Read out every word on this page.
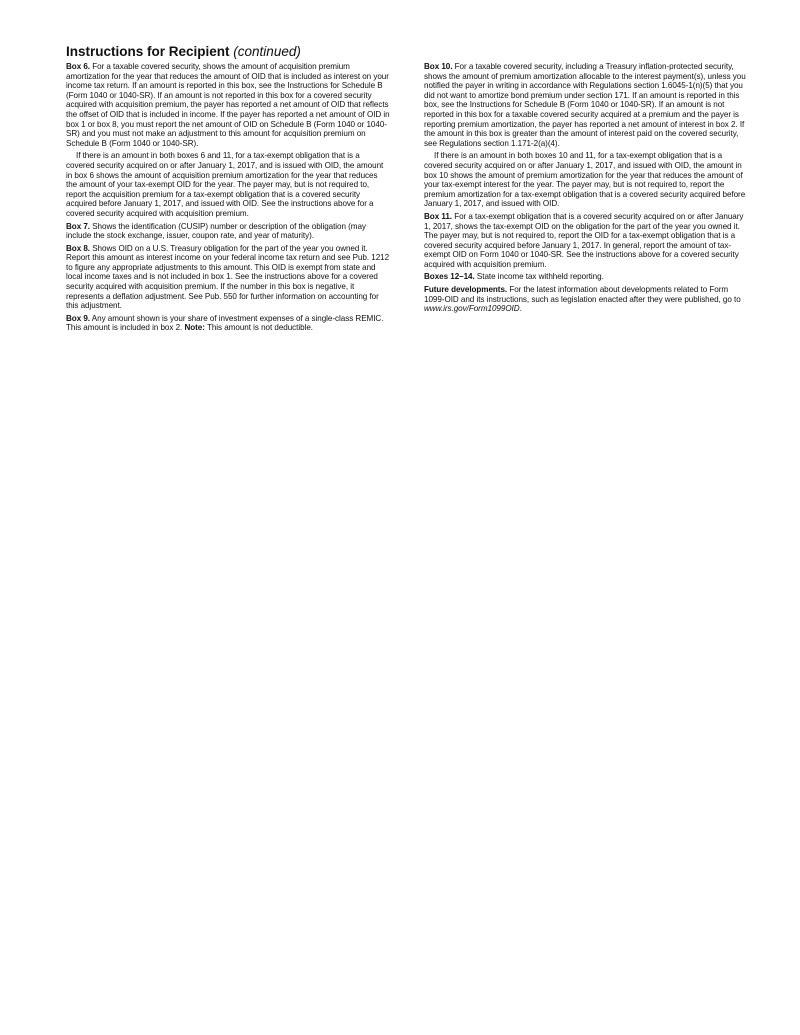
Instructions for Recipient (continued)

Box 6. For a taxable covered security, shows the amount of acquisition premium amortization for the year that reduces the amount of OID that is included as interest on your income tax return. If an amount is reported in this box, see the Instructions for Schedule B (Form 1040 or 1040-SR). If an amount is not reported in this box for a covered security acquired with acquisition premium, the payer has reported a net amount of OID that reflects the offset of OID that is included in income. If the payer has reported a net amount of OID in box 1 or box 8, you must report the net amount of OID on Schedule B (Form 1040 or 1040-SR) and you must not make an adjustment to this amount for acquisition premium on Schedule B (Form 1040 or 1040-SR).

If there is an amount in both boxes 6 and 11, for a tax-exempt obligation that is a covered security acquired on or after January 1, 2017, and is issued with OID, the amount in box 6 shows the amount of acquisition premium amortization for the year that reduces the amount of your tax-exempt OID for the year. The payer may, but is not required to, report the acquisition premium for a tax-exempt obligation that is a covered security acquired before January 1, 2017, and issued with OID. See the instructions above for a covered security acquired with acquisition premium.

Box 7. Shows the identification (CUSIP) number or description of the obligation (may include the stock exchange, issuer, coupon rate, and year of maturity).

Box 8. Shows OID on a U.S. Treasury obligation for the part of the year you owned it. Report this amount as interest income on your federal income tax return and see Pub. 1212 to figure any appropriate adjustments to this amount. This OID is exempt from state and local income taxes and is not included in box 1. See the instructions above for a covered security acquired with acquisition premium. If the number in this box is negative, it represents a deflation adjustment. See Pub. 550 for further information on accounting for this adjustment.

Box 9. Any amount shown is your share of investment expenses of a single-class REMIC. This amount is included in box 2. Note: This amount is not deductible.

Box 10. For a taxable covered security, including a Treasury inflation-protected security, shows the amount of premium amortization allocable to the interest payment(s), unless you notified the payer in writing in accordance with Regulations section 1.6045-1(n)(5) that you did not want to amortize bond premium under section 171. If an amount is reported in this box, see the Instructions for Schedule B (Form 1040 or 1040-SR). If an amount is not reported in this box for a taxable covered security acquired at a premium and the payer is reporting premium amortization, the payer has reported a net amount of interest in box 2. If the amount in this box is greater than the amount of interest paid on the covered security, see Regulations section 1.171-2(a)(4).

If there is an amount in both boxes 10 and 11, for a tax-exempt obligation that is a covered security acquired on or after January 1, 2017, and issued with OID, the amount in box 10 shows the amount of premium amortization for the year that reduces the amount of your tax-exempt interest for the year. The payer may, but is not required to, report the premium amortization for a tax-exempt obligation that is a covered security acquired before January 1, 2017, and issued with OID.

Box 11. For a tax-exempt obligation that is a covered security acquired on or after January 1, 2017, shows the tax-exempt OID on the obligation for the part of the year you owned it. The payer may, but is not required to, report the OID for a tax-exempt obligation that is a covered security acquired before January 1, 2017. In general, report the amount of tax-exempt OID on Form 1040 or 1040-SR. See the instructions above for a covered security acquired with acquisition premium.

Boxes 12–14. State income tax withheld reporting.

Future developments. For the latest information about developments related to Form 1099-OID and its instructions, such as legislation enacted after they were published, go to www.irs.gov/Form1099OID.
